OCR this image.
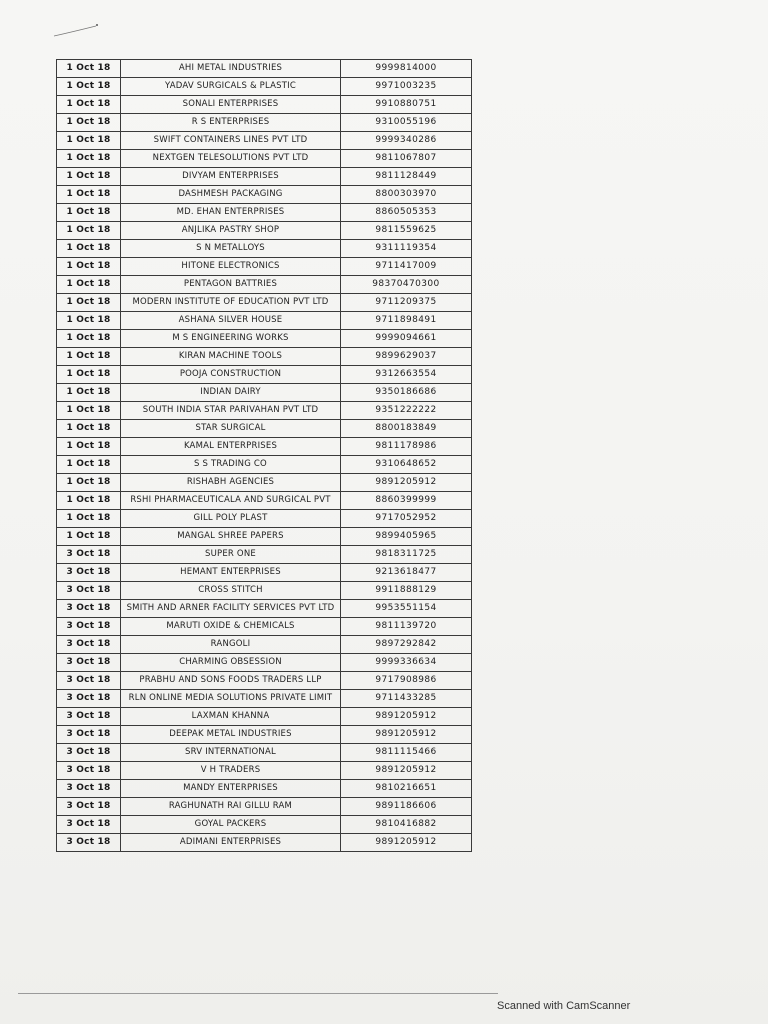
1 Oct 18	AHI METAL INDUSTRIES	9999814000
1 Oct 18	YADAV SURGICALS & PLASTIC	9971003235
1 Oct 18	SONALI ENTERPRISES	9910880751
1 Oct 18	R S ENTERPRISES	9310055196
1 Oct 18	SWIFT CONTAINERS LINES PVT LTD	9999340286
1 Oct 18	NEXTGEN TELESOLUTIONS PVT LTD	9811067807
1 Oct 18	DIVYAM ENTERPRISES	9811128449
1 Oct 18	DASHMESH PACKAGING	8800303970
1 Oct 18	MD. EHAN ENTERPRISES	8860505353
1 Oct 18	ANJLIKA PASTRY SHOP	9811559625
1 Oct 18	S N METALLOYS	9311119354
1 Oct 18	HITONE ELECTRONICS	9711417009
1 Oct 18	PENTAGON BATTRIES	98370470300
1 Oct 18	MODERN INSTITUTE OF EDUCATION PVT LTD	9711209375
1 Oct 18	ASHANA SILVER HOUSE	9711898491
1 Oct 18	M S ENGINEERING WORKS	9999094661
1 Oct 18	KIRAN MACHINE TOOLS	9899629037
1 Oct 18	POOJA CONSTRUCTION	9312663554
1 Oct 18	INDIAN DAIRY	9350186686
1 Oct 18	SOUTH INDIA STAR PARIVAHAN PVT LTD	9351222222
1 Oct 18	STAR SURGICAL	8800183849
1 Oct 18	KAMAL ENTERPRISES	9811178986
1 Oct 18	S S TRADING CO	9310648652
1 Oct 18	RISHABH AGENCIES	9891205912
1 Oct 18	RSHI PHARMACEUTICALA AND SURGICAL PVT	8860399999
1 Oct 18	GILL POLY PLAST	9717052952
1 Oct 18	MANGAL SHREE PAPERS	9899405965
3 Oct 18	SUPER ONE	9818311725
3 Oct 18	HEMANT ENTERPRISES	9213618477
3 Oct 18	CROSS STITCH	9911888129
3 Oct 18	SMITH AND ARNER FACILITY SERVICES PVT LTD	9953551154
3 Oct 18	MARUTI OXIDE & CHEMICALS	9811139720
3 Oct 18	RANGOLI	9897292842
3 Oct 18	CHARMING OBSESSION	9999336634
3 Oct 18	PRABHU AND SONS FOODS TRADERS LLP	9717908986
3 Oct 18	RLN ONLINE MEDIA SOLUTIONS PRIVATE LIMIT	9711433285
3 Oct 18	LAXMAN KHANNA	9891205912
3 Oct 18	DEEPAK METAL INDUSTRIES	9891205912
3 Oct 18	SRV INTERNATIONAL	9811115466
3 Oct 18	V H TRADERS	9891205912
3 Oct 18	MANDY ENTERPRISES	9810216651
3 Oct 18	RAGHUNATH RAI GILLU RAM	9891186606
3 Oct 18	GOYAL PACKERS	9810416882
3 Oct 18	ADIMANI ENTERPRISES	9891205912
Scanned with CamScanner
